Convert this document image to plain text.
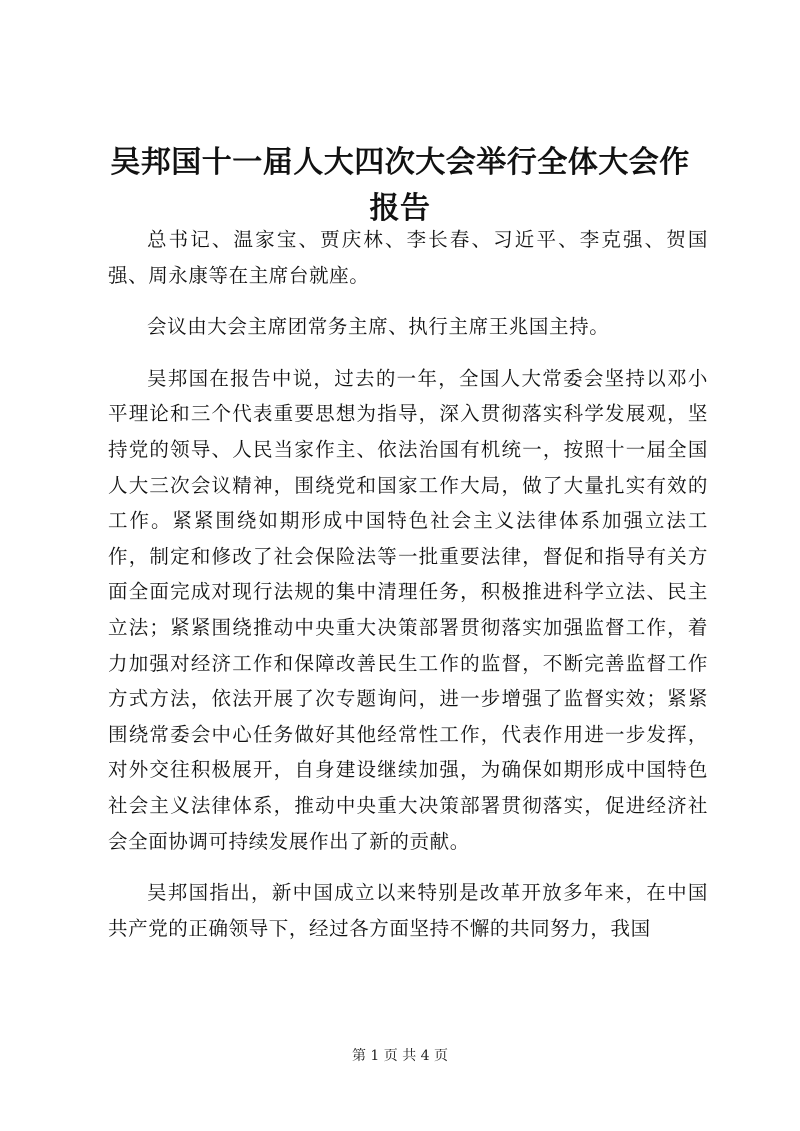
吴邦国十一届人大四次大会举行全体大会作报告

总书记、温家宝、贾庆林、李长春、习近平、李克强、贺国强、周永康等在主席台就座。

会议由大会主席团常务主席、执行主席王兆国主持。

吴邦国在报告中说，过去的一年，全国人大常委会坚持以邓小平理论和三个代表重要思想为指导，深入贯彻落实科学发展观，坚持党的领导、人民当家作主、依法治国有机统一，按照十一届全国人大三次会议精神，围绕党和国家工作大局，做了大量扎实有效的工作。紧紧围绕如期形成中国特色社会主义法律体系加强立法工作，制定和修改了社会保险法等一批重要法律，督促和指导有关方面全面完成对现行法规的集中清理任务，积极推进科学立法、民主立法；紧紧围绕推动中央重大决策部署贯彻落实加强监督工作，着力加强对经济工作和保障改善民生工作的监督，不断完善监督工作方式方法，依法开展了次专题询问，进一步增强了监督实效；紧紧围绕常委会中心任务做好其他经常性工作，代表作用进一步发挥，对外交往积极展开，自身建设继续加强，为确保如期形成中国特色社会主义法律体系，推动中央重大决策部署贯彻落实，促进经济社会全面协调可持续发展作出了新的贡献。

吴邦国指出，新中国成立以来特别是改革开放多年来，在中国共产党的正确领导下，经过各方面坚持不懈的共同努力，我国

第 1 页 共 4 页
